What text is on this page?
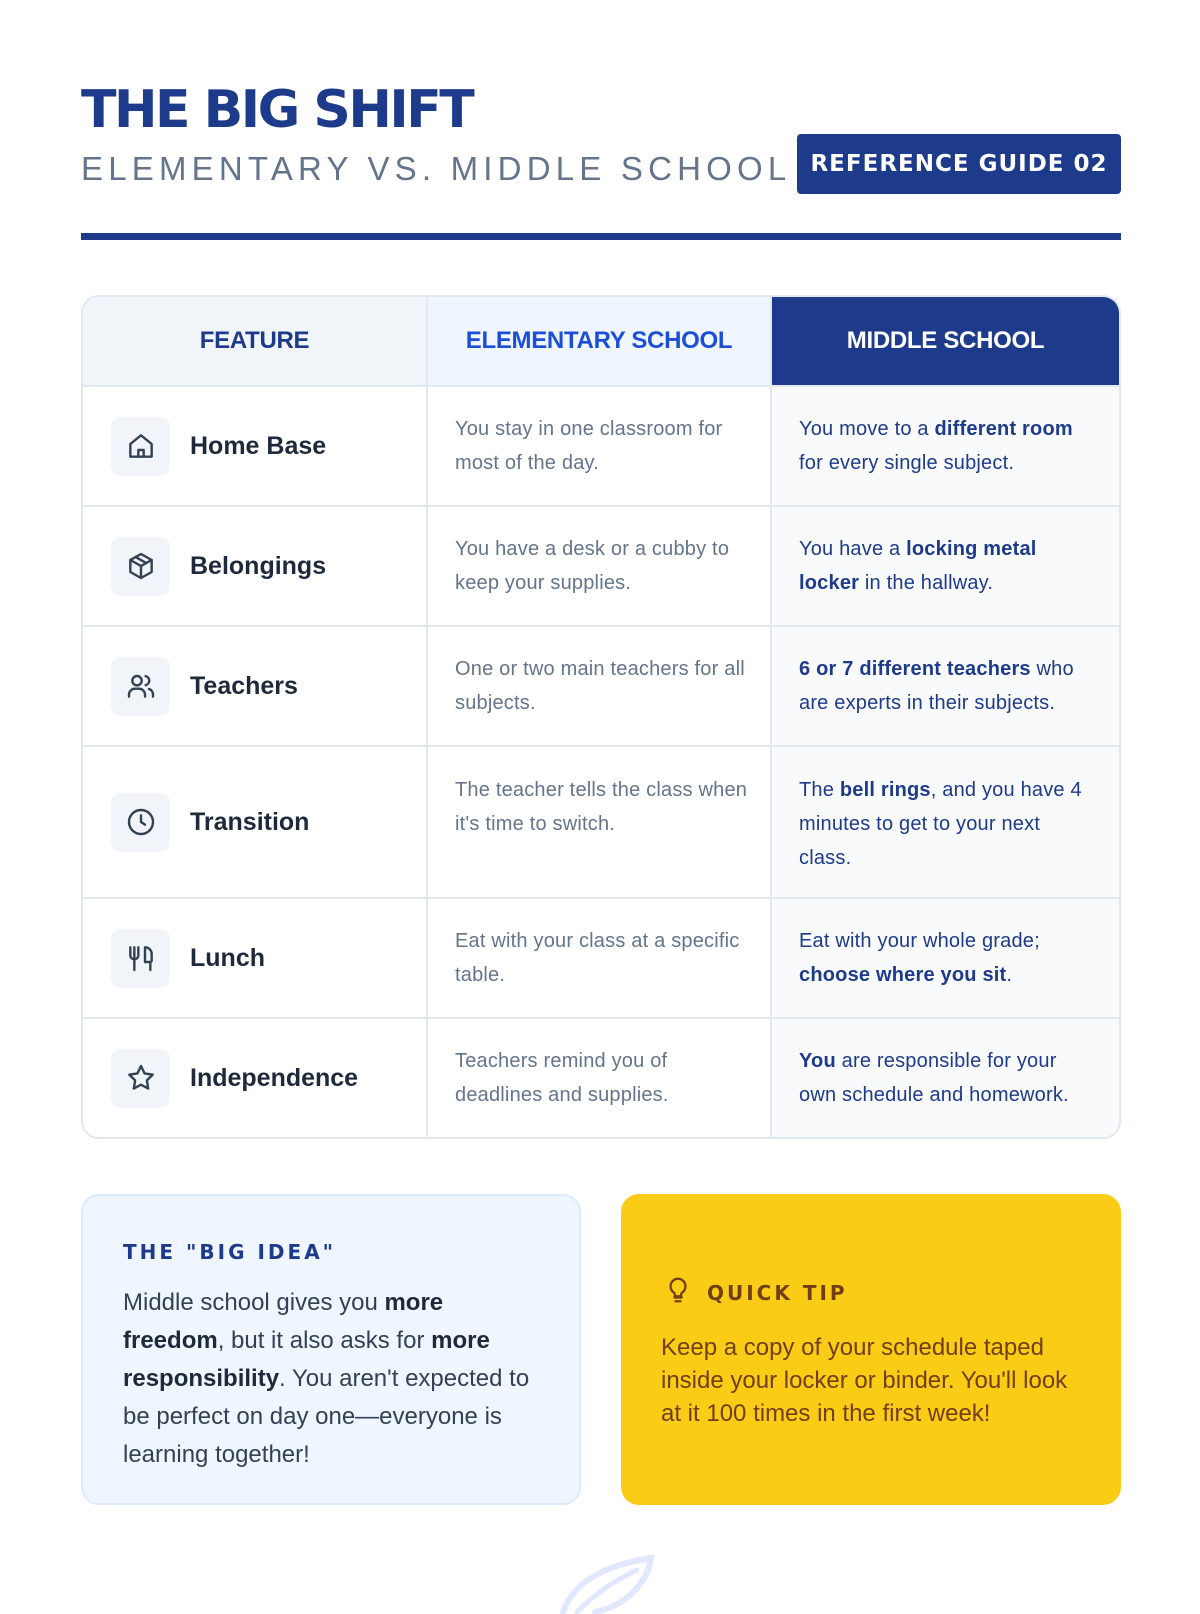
THE BIG SHIFT
ELEMENTARY VS. MIDDLE SCHOOL REFERENCE GUIDE 02
FEATURE	ELEMENTARY SCHOOL	MIDDLE SCHOOL
Home Base
You stay in one classroom for most of the day.
You move to a different room for every single subject.
Belongings
You have a desk or a cubby to keep your supplies.
You have a locking metal locker in the hallway.
Teachers
One or two main teachers for all subjects.
6 or 7 different teachers who are experts in their subjects.
Transition
The teacher tells the class when it's time to switch.
The bell rings, and you have 4 minutes to get to your next class.
Lunch
Eat with your class at a specific table.
Eat with your whole grade; choose where you sit.
Independence
Teachers remind you of deadlines and supplies.
You are responsible for your own schedule and homework.
THE "BIG IDEA"

Middle school gives you more freedom, but it also asks for more responsibility. You aren't expected to be perfect on day one—everyone is learning together!

QUICK TIP

Keep a copy of your schedule taped inside your locker or binder. You'll look at it 100 times in the first week!
